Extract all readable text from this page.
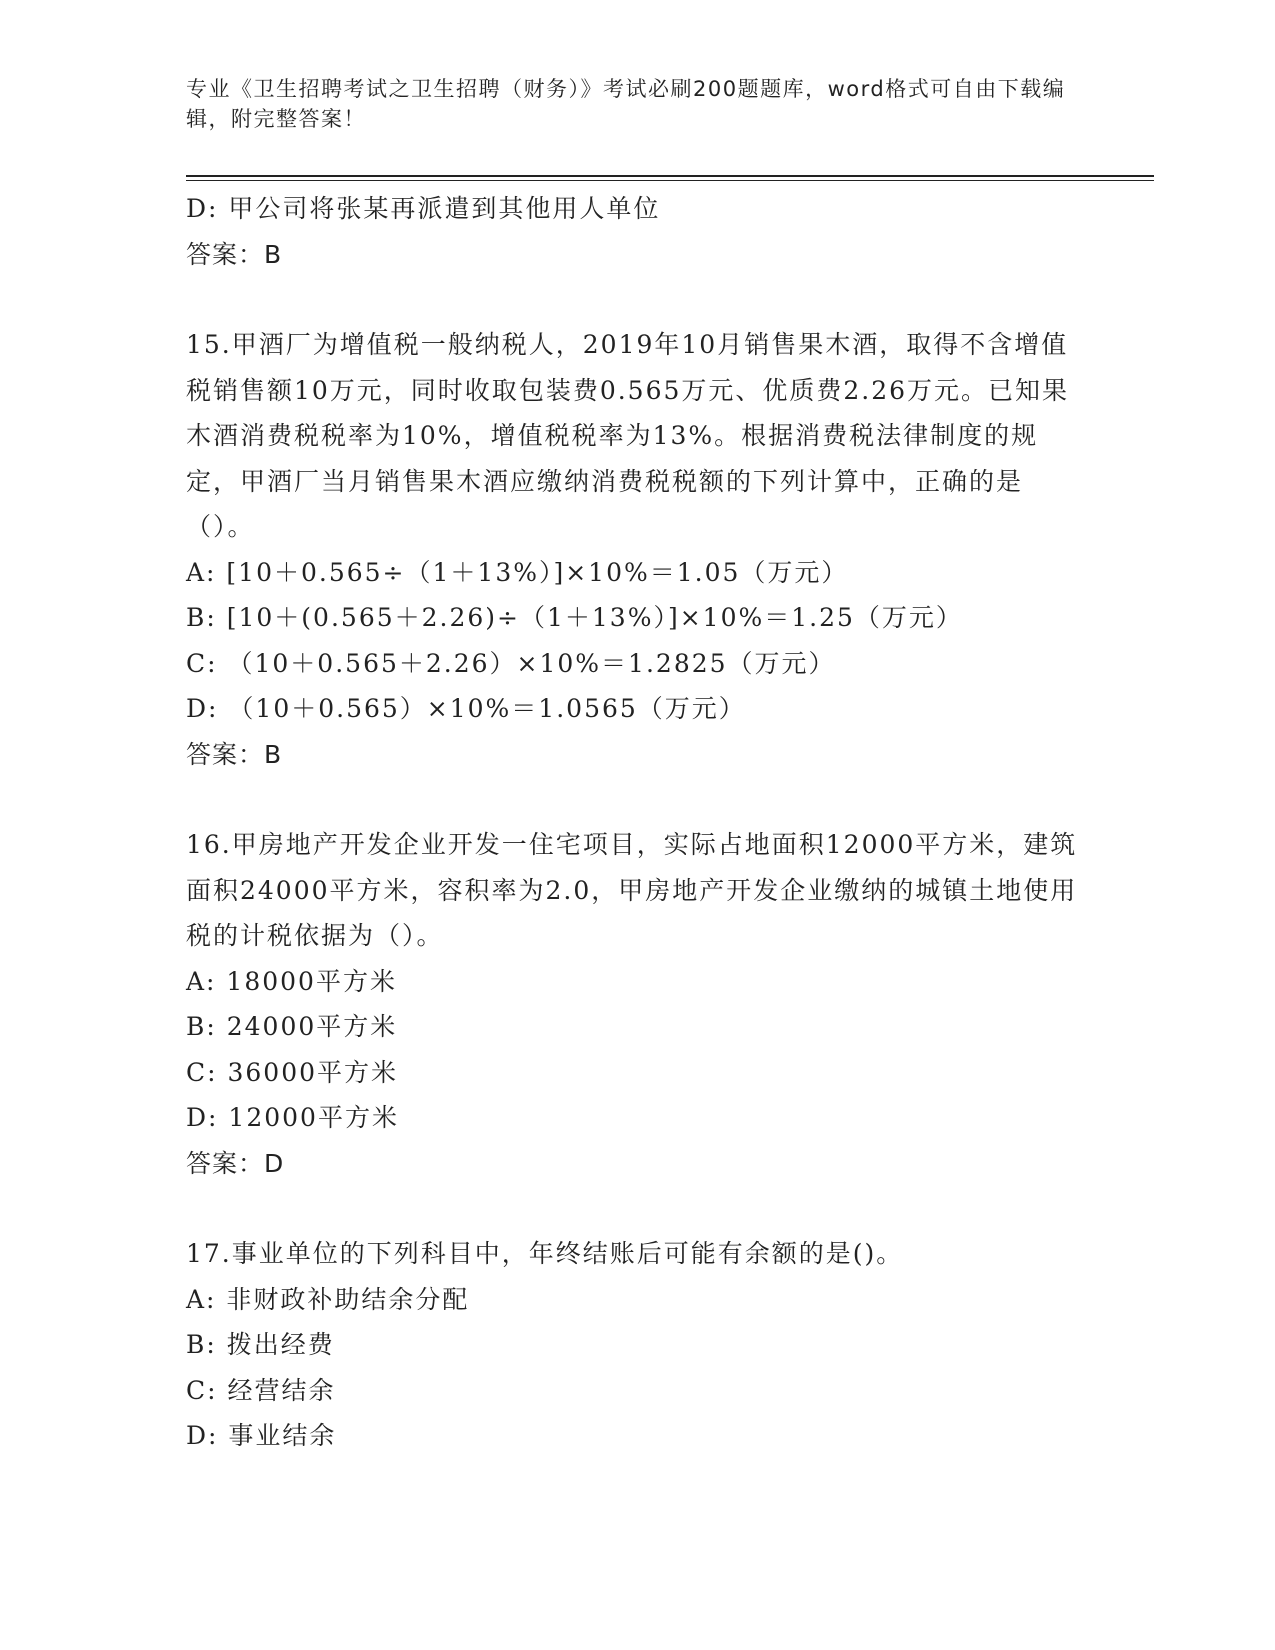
专业《卫生招聘考试之卫生招聘（财务）》考试必刷200题题库，word格式可自由下载编辑，附完整答案！
D: 甲公司将张某再派遣到其他用人单位
答案：B
15.甲酒厂为增值税一般纳税人，2019年10月销售果木酒，取得不含增值税销售额10万元，同时收取包装费0.565万元、优质费2.26万元。已知果木酒消费税税率为10%，增值税税率为13%。根据消费税法律制度的规定，甲酒厂当月销售果木酒应缴纳消费税税额的下列计算中，正确的是（）。
A: [10＋0.565÷（1＋13%）]×10%＝1.05（万元）
B: [10＋(0.565＋2.26)÷（1＋13%）]×10%＝1.25（万元）
C: （10＋0.565＋2.26）×10%＝1.2825（万元）
D: （10＋0.565）×10%＝1.0565（万元）
答案：B
16.甲房地产开发企业开发一住宅项目，实际占地面积12000平方米，建筑面积24000平方米，容积率为2.0，甲房地产开发企业缴纳的城镇土地使用税的计税依据为（）。
A: 18000平方米
B: 24000平方米
C: 36000平方米
D: 12000平方米
答案：D
17.事业单位的下列科目中，年终结账后可能有余额的是()。
A: 非财政补助结余分配
B: 拨出经费
C: 经营结余
D: 事业结余
